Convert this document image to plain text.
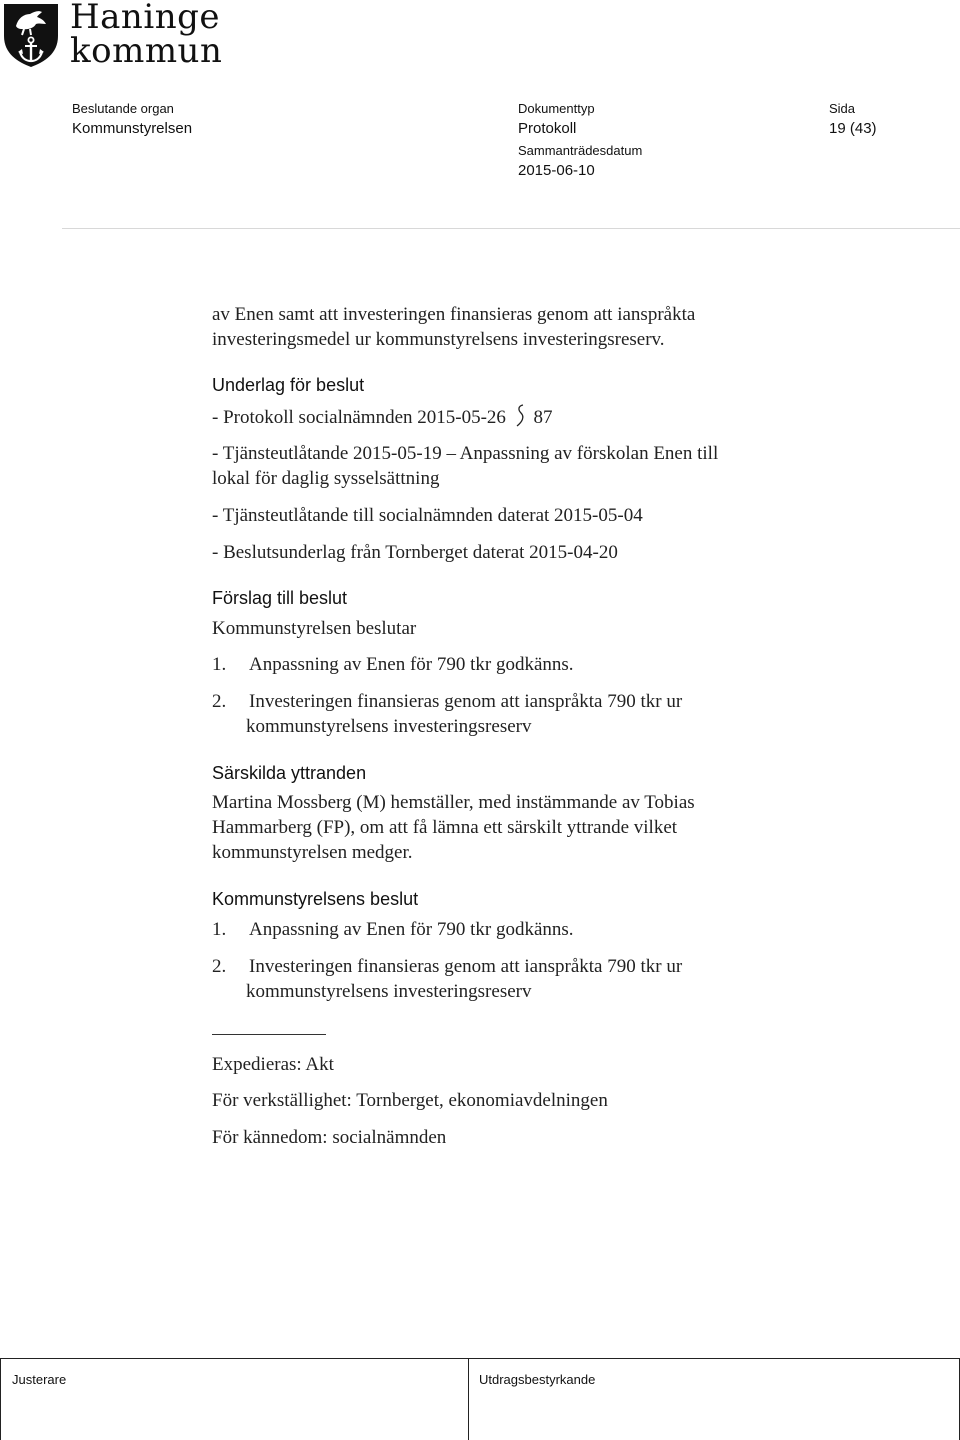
Haninge
kommun
Beslutande organ
Kommunstyrelsen
Dokumenttyp
Protokoll
Sammanträdesdatum
2015-06-10
Sida
19 (43)
av Enen samt att investeringen finansieras genom att ianspråkta
investeringsmedel ur kommunstyrelsens investeringsreserv.
Underlag för beslut
- Protokoll socialnämnden 2015-05-26 87
- Tjänsteutlåtande 2015-05-19 – Anpassning av förskolan Enen till
lokal för daglig sysselsättning
- Tjänsteutlåtande till socialnämnden daterat 2015-05-04
- Beslutsunderlag från Tornberget daterat 2015-04-20
Förslag till beslut
Kommunstyrelsen beslutar
1. Anpassning av Enen för 790 tkr godkänns.
2. Investeringen finansieras genom att ianspråkta 790 tkr ur
kommunstyrelsens investeringsreserv
Särskilda yttranden
Martina Mossberg (M) hemställer, med instämmande av Tobias
Hammarberg (FP), om att få lämna ett särskilt yttrande vilket
kommunstyrelsen medger.
Kommunstyrelsens beslut
1. Anpassning av Enen för 790 tkr godkänns.
2. Investeringen finansieras genom att ianspråkta 790 tkr ur
kommunstyrelsens investeringsreserv
Expedieras: Akt
För verkställighet: Tornberget, ekonomiavdelningen
För kännedom: socialnämnden
Justerare	Utdragsbestyrkande
